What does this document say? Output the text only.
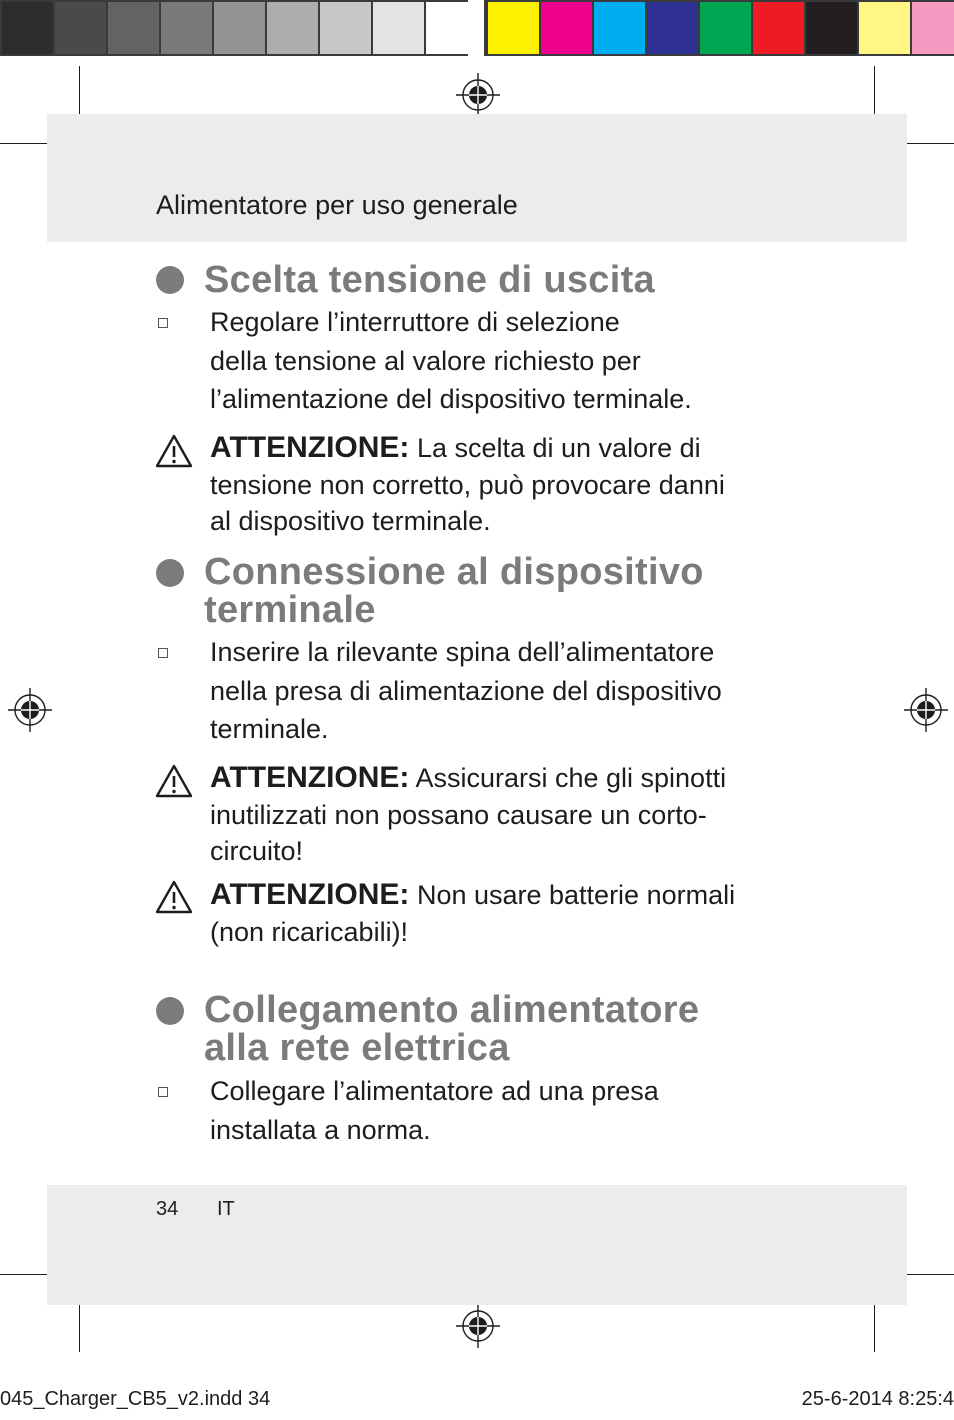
Alimentatore per uso generale
Scelta tensione di uscita
Regolare l’interruttore di selezione
della tensione al valore richiesto per
l’alimentazione del dispositivo terminale.
ATTENZIONE: La scelta di un valore di
tensione non corretto, può provocare danni
al dispositivo terminale.
Connessione al dispositivo
terminale
Inserire la rilevante spina dell’alimentatore
nella presa di alimentazione del dispositivo
terminale.
ATTENZIONE: Assicurarsi che gli spinotti
inutilizzati non possano causare un corto-
circuito!
ATTENZIONE: Non usare batterie normali
(non ricaricabili)!
Collegamento alimentatore
alla rete elettrica
Collegare l’alimentatore ad una presa
installata a norma.
34 IT
045_Charger_CB5_v2.indd 34	25-6-2014 8:25:4
